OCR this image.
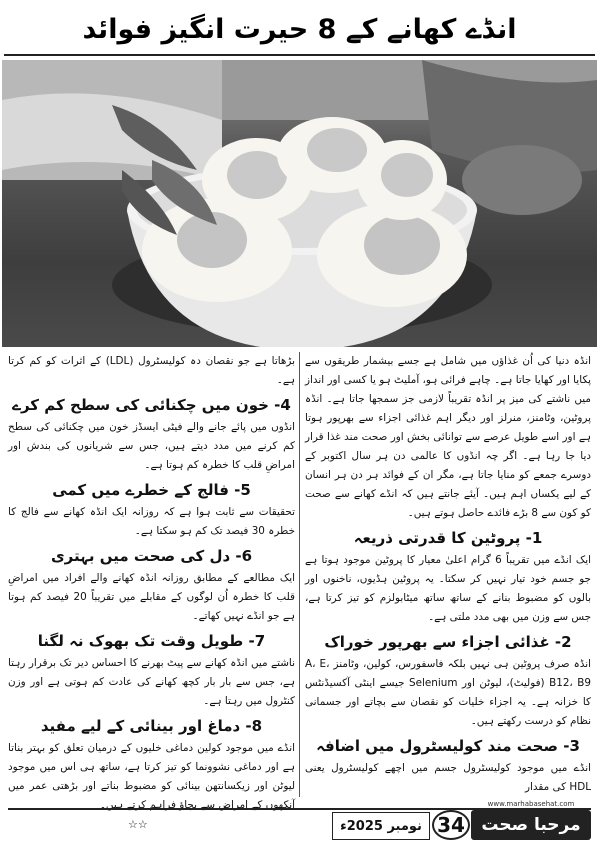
انڈے کھانے کے 8 حیرت انگیز فوائد

انڈہ دنیا کی اُن غذاؤں میں شامل ہے جسے بیشمار طریقوں سے پکایا اور کھایا جاتا ہے۔ چاہے فرائی ہو، آملیٹ ہو یا کسی اور انداز میں ناشتے کی میز پر انڈہ تقریباً لازمی جز سمجھا جاتا ہے۔ انڈہ پروٹین، وٹامنز، منرلز اور دیگر اہم غذائی اجزاء سے بھرپور ہوتا ہے اور اسے طویل عرصے سے توانائی بخش اور صحت مند غذا قرار دیا جا رہا ہے۔ اگر چہ انڈوں کا عالمی دن ہر سال اکتوبر کے دوسرے جمعے کو منایا جاتا ہے، مگر ان کے فوائد ہر دن ہر انسان کے لیے یکساں اہم ہیں۔ آیئے جانتے ہیں کہ انڈے کھانے سے صحت کو کون سے 8 بڑے فائدے حاصل ہوتے ہیں۔

1- پروٹین کا قدرتی ذریعہ

ایک انڈے میں تقریباً 6 گرام اعلیٰ معیار کا پروٹین موجود ہوتا ہے جو جسم خود تیار نہیں کر سکتا۔ یہ پروٹین ہڈیوں، ناخنوں اور بالوں کو مضبوط بنانے کے ساتھ ساتھ میٹابولزم کو تیز کرتا ہے، جس سے وزن میں بھی مدد ملتی ہے۔

2- غذائی اجزاء سے بھرپور خوراک

انڈہ صرف پروٹین ہی نہیں بلکہ فاسفورس، کولین، وٹامنز A، E، B12، B9 (فولیٹ)، لیوٹن اور Selenium جیسے اینٹی آکسیڈنٹس کا خزانہ ہے۔ یہ اجزاء خلیات کو نقصان سے بچاتے اور جسمانی نظام کو درست رکھتے ہیں۔

3- صحت مند کولیسٹرول میں اضافہ

انڈے میں موجود کولیسٹرول جسم میں اچھے کولیسٹرول یعنی HDL کی مقدار

بڑھاتا ہے جو نقصان دہ کولیسٹرول (LDL) کے اثرات کو کم کرتا ہے۔

4- خون میں چکنائی کی سطح کم کرے

انڈوں میں پائے جانے والے فیٹی ایسڈز خون میں چکنائی کی سطح کم کرنے میں مدد دیتے ہیں، جس سے شریانوں کی بندش اور امراضِ قلب کا خطرہ کم ہوتا ہے۔

5- فالج کے خطرے میں کمی

تحقیقات سے ثابت ہوا ہے کہ روزانہ ایک انڈہ کھانے سے فالج کا خطرہ 30 فیصد تک کم ہو سکتا ہے۔

6- دل کی صحت میں بہتری

ایک مطالعے کے مطابق روزانہ انڈہ کھانے والے افراد میں امراضِ قلب کا خطرہ اُن لوگوں کے مقابلے میں تقریباً 20 فیصد کم ہوتا ہے جو انڈے نہیں کھاتے۔

7- طویل وقت تک بھوک نہ لگنا

ناشتے میں انڈہ کھانے سے پیٹ بھرنے کا احساس دیر تک برقرار رہتا ہے، جس سے بار بار کچھ کھانے کی عادت کم ہوتی ہے اور وزن کنٹرول میں رہتا ہے۔

8- دماغ اور بینائی کے لیے مفید

انڈے میں موجود کولین دماغی خلیوں کے درمیان تعلق کو بہتر بناتا ہے اور دماغی نشوونما کو تیز کرتا ہے، ساتھ ہی اس میں موجود لیوٹن اور زیکسانتھن بینائی کو مضبوط بناتے اور بڑھتی عمر میں آنکھوں کے امراض سے بچاؤ فراہم کرتے ہیں۔

☆☆
www.marhabasehat.com
مرحبا صحت
34
نومبر 2025ء
